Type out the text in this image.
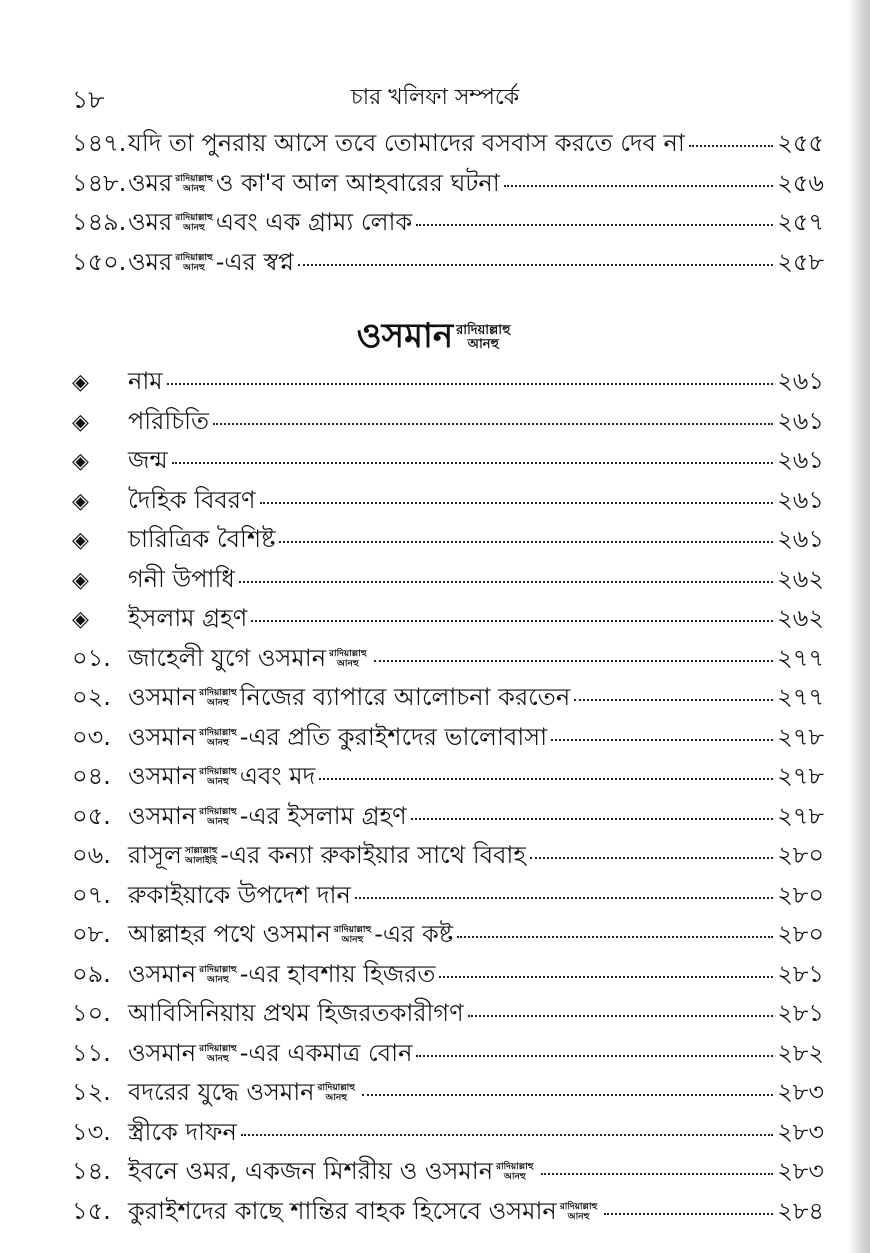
১৮	চার খলিফা সম্পর্কে
১৪৭. যদি তা পুনরায় আসে তবে তোমাদের বসবাস করতে দেব না	২৫৫
১৪৮. ওমর রাদিয়াল্লাহু
আনহু ও কা'ব আল আহবারের ঘটনা	২৫৬
১৪৯. ওমর রাদিয়াল্লাহু
আনহু এবং এক গ্রাম্য লোক	২৫৭
১৫০. ওমর রাদিয়াল্লাহু
আনহু -এর স্বপ্ন	২৫৮
ওসমান রাদিয়াল্লাহু
আনহু
◈	নাম	২৬১
◈	পরিচিতি	২৬১
◈	জন্ম	২৬১
◈	দৈহিক বিবরণ	২৬১
◈	চারিত্রিক বৈশিষ্ট	২৬১
◈	গনী উপাধি	২৬২
◈	ইসলাম গ্রহণ	২৬২
০১. জাহেলী যুগে ওসমান রাদিয়াল্লাহু
আনহু	২৭৭
০২. ওসমান রাদিয়াল্লাহু
আনহু নিজের ব্যাপারে আলোচনা করতেন	২৭৭
০৩. ওসমান রাদিয়াল্লাহু
আনহু -এর প্রতি কুরাইশদের ভালোবাসা	২৭৮
০৪. ওসমান রাদিয়াল্লাহু
আনহু এবং মদ	২৭৮
০৫. ওসমান রাদিয়াল্লাহু
আনহু -এর ইসলাম গ্রহণ	২৭৮
০৬. রাসূল সাল্লাল্লাহু
আলাইহি -এর কন্যা রুকাইয়ার সাথে বিবাহ	২৮০
০৭. রুকাইয়াকে উপদেশ দান	২৮০
০৮. আল্লাহর পথে ওসমান রাদিয়াল্লাহু
আনহু -এর কষ্ট	২৮০
০৯. ওসমান রাদিয়াল্লাহু
আনহু -এর হাবশায় হিজরত	২৮১
১০. আবিসিনিয়ায় প্রথম হিজরতকারীগণ	২৮১
১১. ওসমান রাদিয়াল্লাহু
আনহু -এর একমাত্র বোন	২৮২
১২. বদরের যুদ্ধে ওসমান রাদিয়াল্লাহু
আনহু	২৮৩
১৩. স্ত্রীকে দাফন	২৮৩
১৪. ইবনে ওমর, একজন মিশরীয় ও ওসমান রাদিয়াল্লাহু
আনহু	২৮৩
১৫. কুরাইশদের কাছে শান্তির বাহক হিসেবে ওসমান রাদিয়াল্লাহু
আনহু	২৮৪
